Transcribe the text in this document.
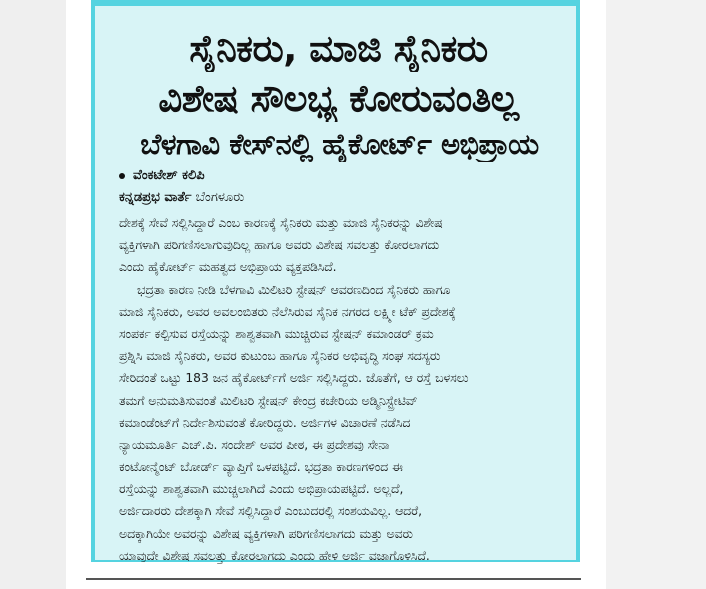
ಸೈನಿಕರು, ಮಾಜಿ ಸೈನಿಕರು
ವಿಶೇಷ ಸೌಲಭ್ಯ ಕೋರುವಂತಿಲ್ಲ
ಬೆಳಗಾವಿ ಕೇಸ್‌ನಲ್ಲಿ ಹೈಕೋರ್ಟ್ ಅಭಿಪ್ರಾಯ
ವೆಂಕಟೇಶ್ ಕಲಿಪಿ
ಕನ್ನಡಪ್ರಭ ವಾರ್ತೆ ಬೆಂಗಳೂರು
ದೇಶಕ್ಕೆ ಸೇವೆ ಸಲ್ಲಿಸಿದ್ದಾರೆ ಎಂಬ ಕಾರಣಕ್ಕೆ ಸೈನಿಕರು ಮತ್ತು ಮಾಜಿ ಸೈನಿಕರನ್ನು ವಿಶೇಷ
ವ್ಯಕ್ತಿಗಳಾಗಿ ಪರಿಗಣಿಸಲಾಗುವುದಿಲ್ಲ ಹಾಗೂ ಅವರು ವಿಶೇಷ ಸವಲತ್ತು ಕೋರಲಾಗದು
ಎಂದು ಹೈಕೋರ್ಟ್ ಮಹತ್ವದ ಅಭಿಪ್ರಾಯ ವ್ಯಕ್ತಪಡಿಸಿದೆ.
ಭದ್ರತಾ ಕಾರಣ ನೀಡಿ ಬೆಳಗಾವಿ ಮಿಲಿಟರಿ ಸ್ಟೇಷನ್ ಆವರಣದಿಂದ ಸೈನಿಕರು ಹಾಗೂ
ಮಾಜಿ ಸೈನಿಕರು, ಅವರ ಅವಲಂಬಿತರು ನೆಲೆಸಿರುವ ಸೈನಿಕ ನಗರದ ಲಕ್ಷ್ಮೀ ಟೆಕ್ ಪ್ರದೇಶಕ್ಕೆ
ಸಂಪರ್ಕ ಕಲ್ಪಿಸುವ ರಸ್ತೆಯನ್ನು ಶಾಶ್ವತವಾಗಿ ಮುಚ್ಚಿರುವ ಸ್ಟೇಷನ್ ಕಮಾಂಡರ್ ಕ್ರಮ
ಪ್ರಶ್ನಿಸಿ ಮಾಜಿ ಸೈನಿಕರು, ಅವರ ಕುಟುಂಬ ಹಾಗೂ ಸೈನಿಕರ ಅಭಿವೃದ್ಧಿ ಸಂಘ ಸದಸ್ಯರು
ಸೇರಿದಂತೆ ಒಟ್ಟು 183 ಜನ ಹೈಕೋರ್ಟ್‌ಗೆ ಅರ್ಜಿ ಸಲ್ಲಿಸಿದ್ದರು. ಜೊತೆಗೆ, ಆ ರಸ್ತೆ ಬಳಸಲು
ತಮಗೆ ಅನುಮತಿಸುವಂತೆ ಮಿಲಿಟರಿ ಸ್ಟೇಷನ್ ಕೇಂದ್ರ ಕಚೇರಿಯ ಅಡ್ಮಿನಿಸ್ಟ್ರೇಟಿವ್
ಕಮಾಂಡೆಂಟ್‌ಗೆ ನಿರ್ದೇಶಿಸುವಂತೆ ಕೋರಿದ್ದರು. ಅರ್ಜಿಗಳ ವಿಚಾರಣೆ ನಡೆಸಿದ
ನ್ಯಾಯಮೂರ್ತಿ ಎಚ್.ಪಿ. ಸಂದೇಶ್ ಅವರ ಪೀಠ, ಈ ಪ್ರದೇಶವು ಸೇನಾ
ಕಂಟೋನ್ಮೆಂಟ್ ಬೋರ್ಡ್ ವ್ಯಾಪ್ತಿಗೆ ಒಳಪಟ್ಟಿದೆ. ಭದ್ರತಾ ಕಾರಣಗಳಿಂದ ಈ
ರಸ್ತೆಯನ್ನು ಶಾಶ್ವತವಾಗಿ ಮುಚ್ಚಲಾಗಿದೆ ಎಂದು ಅಭಿಪ್ರಾಯಪಟ್ಟಿದೆ. ಅಲ್ಲದೆ,
ಅರ್ಜಿದಾರರು ದೇಶಕ್ಕಾಗಿ ಸೇವೆ ಸಲ್ಲಿಸಿದ್ದಾರೆ ಎಂಬುದರಲ್ಲಿ ಸಂಶಯವಿಲ್ಲ. ಆದರೆ,
ಅದಕ್ಕಾಗಿಯೇ ಅವರನ್ನು ವಿಶೇಷ ವ್ಯಕ್ತಿಗಳಾಗಿ ಪರಿಗಣಿಸಲಾಗದು ಮತ್ತು ಅವರು
ಯಾವುದೇ ವಿಶೇಷ ಸವಲತ್ತು ಕೋರಲಾಗದು ಎಂದು ಹೇಳಿ ಅರ್ಜಿ ವಜಾಗೊಳಿಸಿದೆ.
